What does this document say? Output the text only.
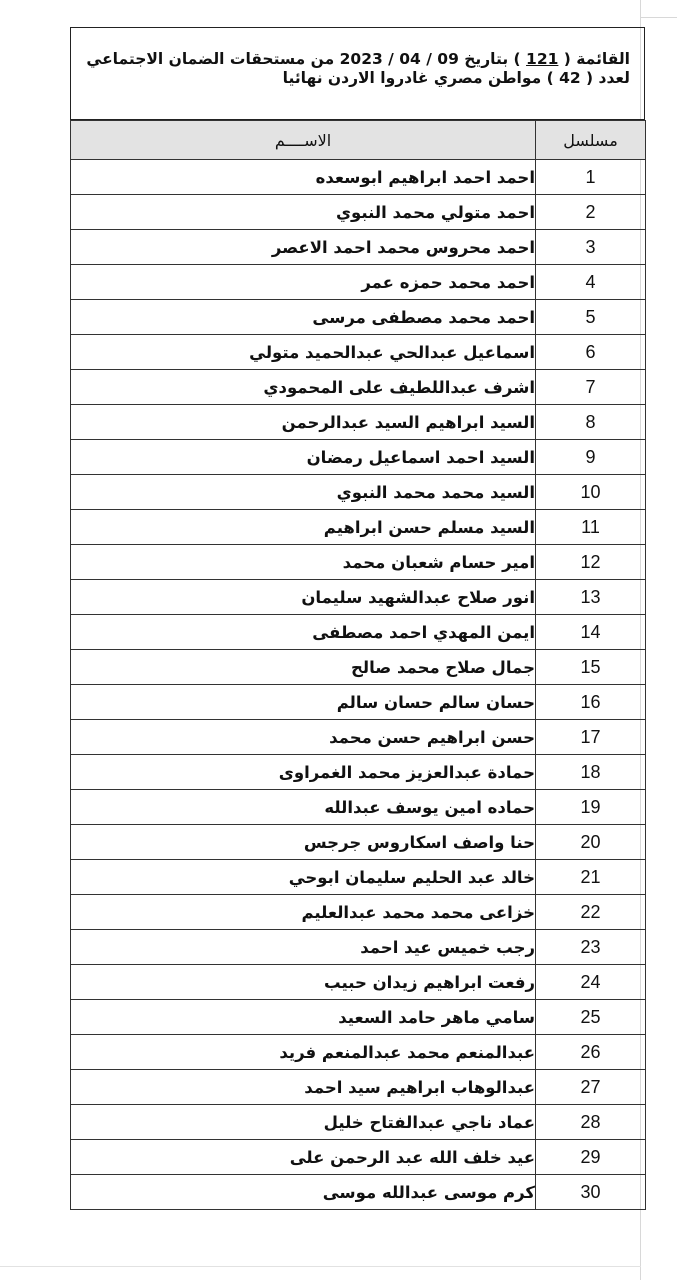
القائمة ( 121 ) بتاريخ 09 / 04 / 2023 من مستحقات الضمان الاجتماعي
لعدد ( 42 ) مواطن مصري غادروا الاردن نهائيا
مسلسل	الاســــم
1	احمد احمد ابراهيم ابوسعده
2	احمد متولي محمد النبوي
3	احمد محروس محمد احمد الاعصر
4	احمد محمد حمزه عمر
5	احمد محمد مصطفى مرسى
6	اسماعيل عبدالحي عبدالحميد متولي
7	اشرف عبداللطيف على المحمودي
8	السيد ابراهيم السيد عبدالرحمن
9	السيد احمد اسماعيل رمضان
10	السيد محمد محمد النبوي
11	السيد مسلم حسن ابراهيم
12	امير حسام شعبان محمد
13	انور صلاح عبدالشهيد سليمان
14	ايمن المهدي احمد مصطفى
15	جمال صلاح محمد صالح
16	حسان سالم حسان سالم
17	حسن ابراهيم حسن محمد
18	حمادة عبدالعزيز محمد الغمراوى
19	حماده امين يوسف عبدالله
20	حنا واصف اسكاروس جرجس
21	خالد عبد الحليم سليمان ابوحي
22	خزاعى محمد محمد عبدالعليم
23	رجب خميس عيد احمد
24	رفعت ابراهيم زيدان حبيب
25	سامي ماهر حامد السعيد
26	عبدالمنعم محمد عبدالمنعم فريد
27	عبدالوهاب ابراهيم سيد احمد
28	عماد ناجي عبدالفتاح خليل
29	عيد خلف الله عبد الرحمن على
30	كرم موسى عبدالله موسى
